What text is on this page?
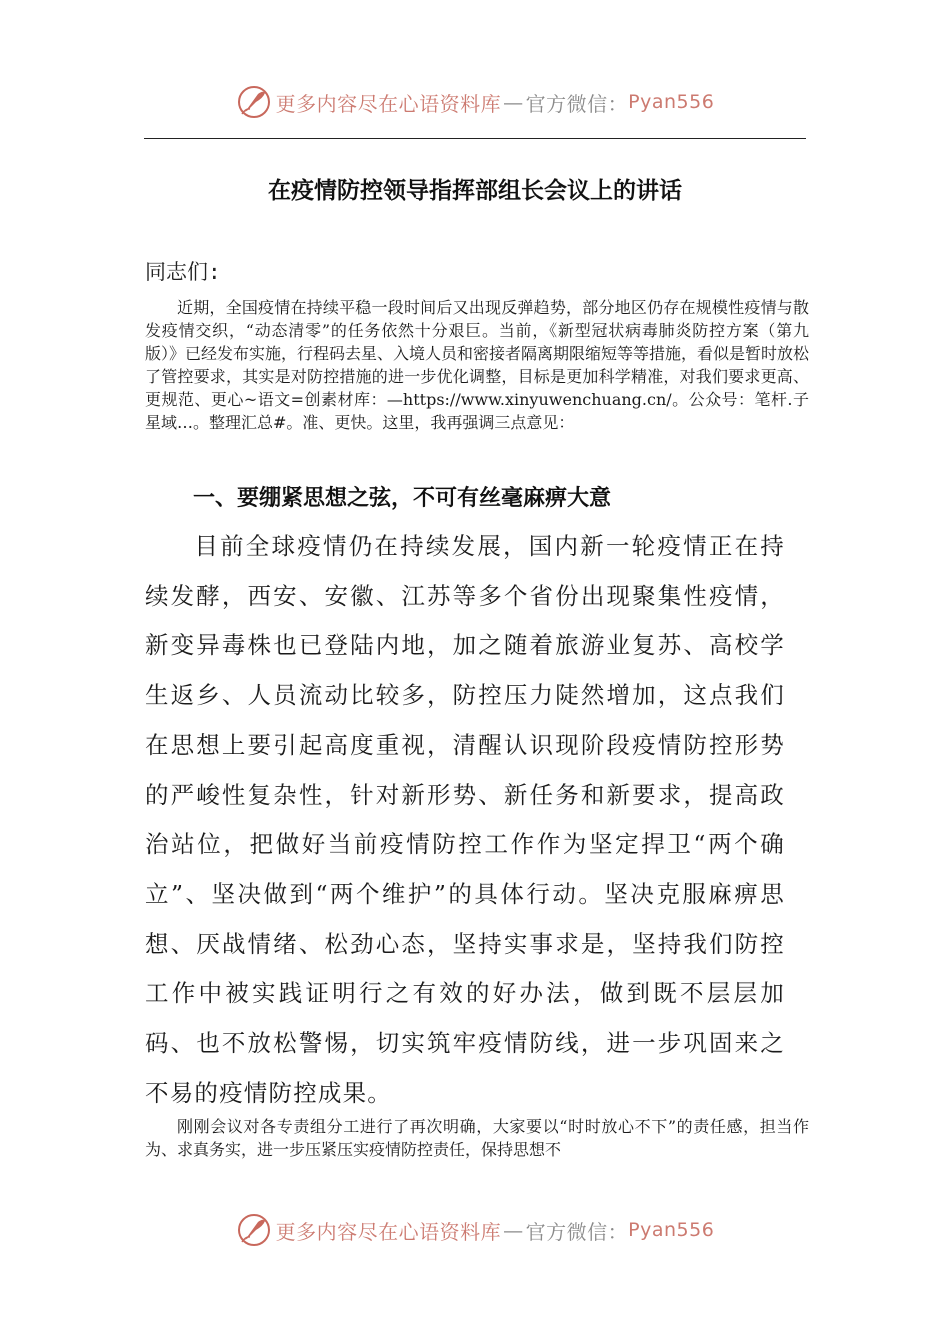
更多内容尽在心语资料库 — 官方微信： Pyan556
在疫情防控领导指挥部组长会议上的讲话
同志们:

近期，全国疫情在持续平稳一段时间后又出现反弹趋势，部分地区仍存在规模性疫情与散发疫情交织，“动态清零”的任务依然十分艰巨。当前，《新型冠状病毒肺炎防控方案（第九版）》已经发布实施，行程码去星、入境人员和密接者隔离期限缩短等等措施，看似是暂时放松了管控要求，其实是对防控措施的进一步优化调整，目标是更加科学精准，对我们要求更高、更规范、更心~语文=创素材库：—https://www.xinyuwenchuang.cn/。公众号：笔杆.子星域…。整理汇总#。准、更快。这里，我再强调三点意见：

一、要绷紧思想之弦，不可有丝毫麻痹大意

目前全球疫情仍在持续发展，国内新一轮疫情正在持续发酵，西安、安徽、江苏等多个省份出现聚集性疫情，新变异毒株也已登陆内地，加之随着旅游业复苏、高校学生返乡、人员流动比较多，防控压力陡然增加，这点我们在思想上要引起高度重视，清醒认识现阶段疫情防控形势的严峻性复杂性，针对新形势、新任务和新要求，提高政治站位，把做好当前疫情防控工作作为坚定捍卫“两个确立”、坚决做到“两个维护”的具体行动。坚决克服麻痹思想、厌战情绪、松劲心态，坚持实事求是，坚持我们防控工作中被实践证明行之有效的好办法，做到既不层层加码、也不放松警惕，切实筑牢疫情防线，进一步巩固来之不易的疫情防控成果。

刚刚会议对各专责组分工进行了再次明确，大家要以“时时放心不下”的责任感，担当作为、求真务实，进一步压紧压实疫情防控责任，保持思想不

更多内容尽在心语资料库 — 官方微信： Pyan556
